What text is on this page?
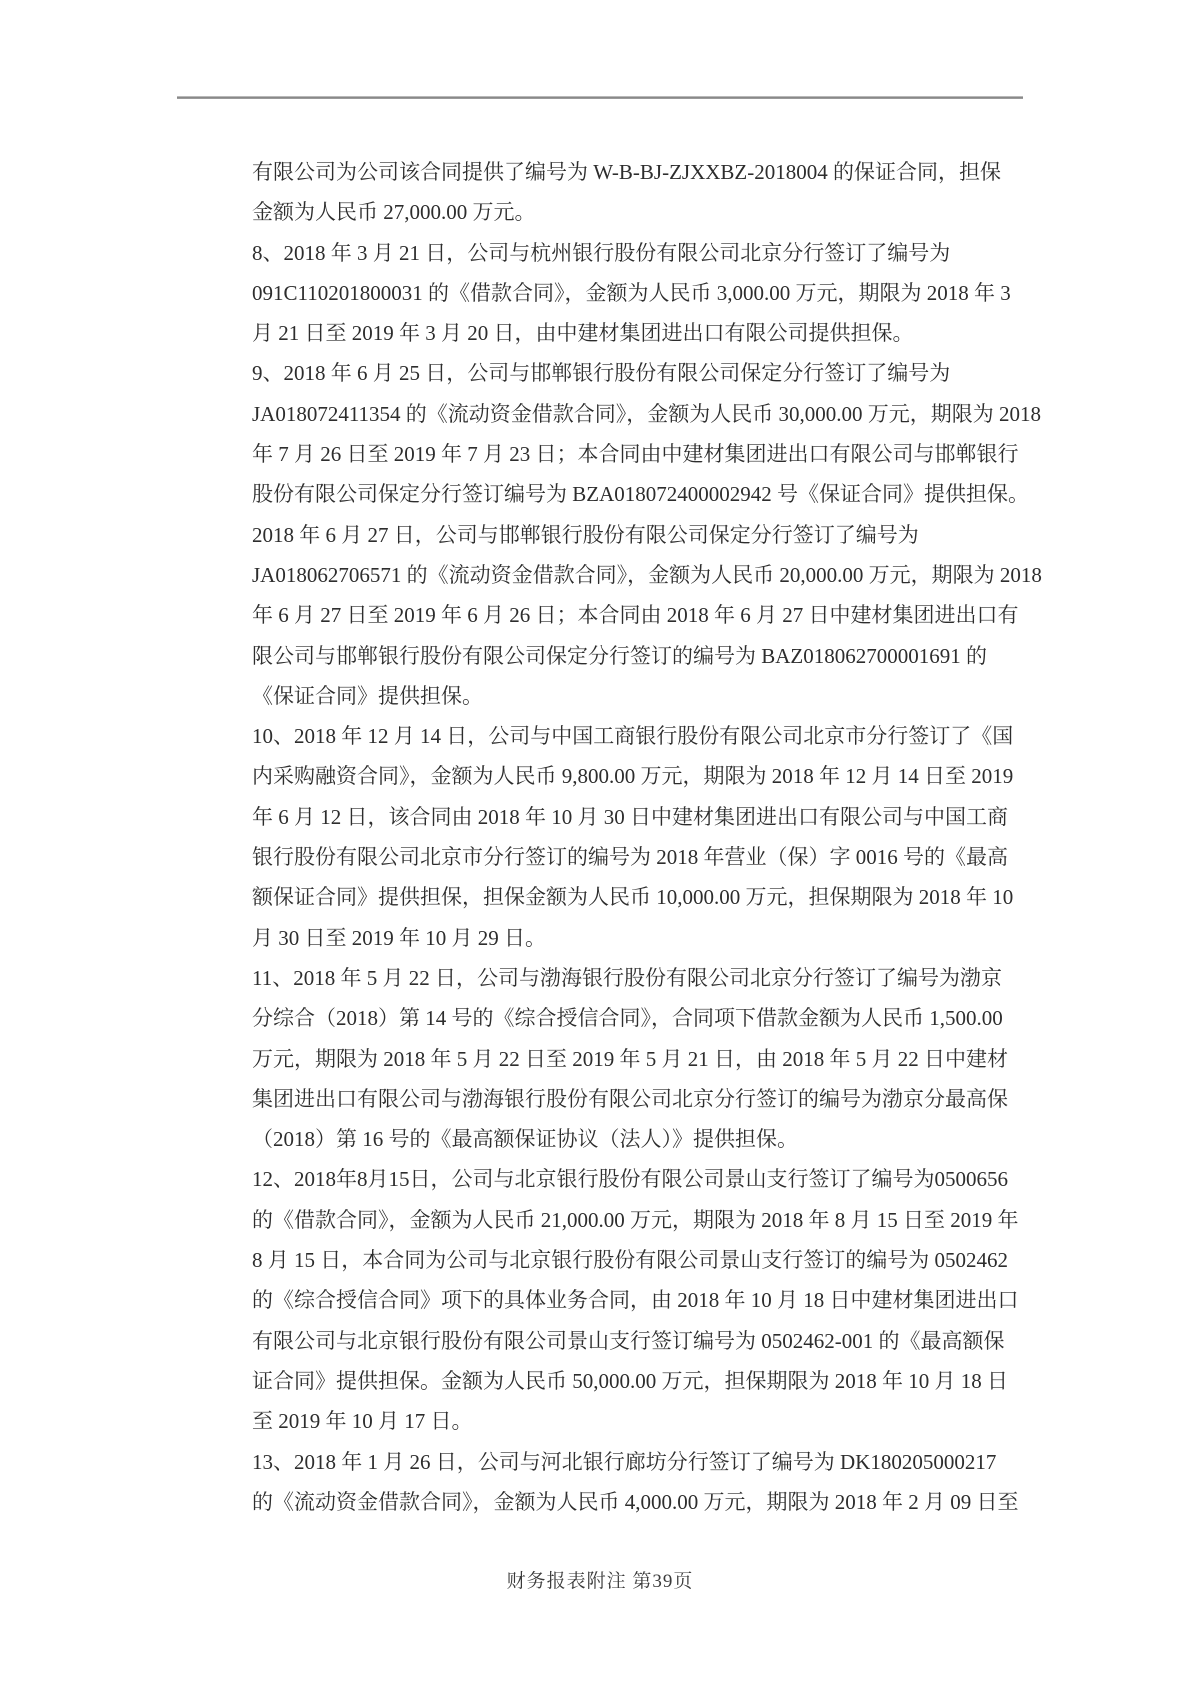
有限公司为公司该合同提供了编号为 W-B-BJ-ZJXXBZ-2018004 的保证合同，担保
金额为人民币 27,000.00 万元。
8、2018 年 3 月 21 日，公司与杭州银行股份有限公司北京分行签订了编号为
091C110201800031 的《借款合同》，金额为人民币 3,000.00 万元，期限为 2018 年 3
月 21 日至 2019 年 3 月 20 日，由中建材集团进出口有限公司提供担保。
9、2018 年 6 月 25 日，公司与邯郸银行股份有限公司保定分行签订了编号为
JA018072411354 的《流动资金借款合同》，金额为人民币 30,000.00 万元，期限为 2018
年 7 月 26 日至 2019 年 7 月 23 日；本合同由中建材集团进出口有限公司与邯郸银行
股份有限公司保定分行签订编号为 BZA018072400002942 号《保证合同》提供担保。
2018 年 6 月 27 日，公司与邯郸银行股份有限公司保定分行签订了编号为
JA018062706571 的《流动资金借款合同》，金额为人民币 20,000.00 万元，期限为 2018
年 6 月 27 日至 2019 年 6 月 26 日；本合同由 2018 年 6 月 27 日中建材集团进出口有
限公司与邯郸银行股份有限公司保定分行签订的编号为 BAZ018062700001691 的
《保证合同》提供担保。
10、2018 年 12 月 14 日，公司与中国工商银行股份有限公司北京市分行签订了《国
内采购融资合同》，金额为人民币 9,800.00 万元，期限为 2018 年 12 月 14 日至 2019
年 6 月 12 日，该合同由 2018 年 10 月 30 日中建材集团进出口有限公司与中国工商
银行股份有限公司北京市分行签订的编号为 2018 年营业（保）字 0016 号的《最高
额保证合同》提供担保，担保金额为人民币 10,000.00 万元，担保期限为 2018 年 10
月 30 日至 2019 年 10 月 29 日。
11、2018 年 5 月 22 日，公司与渤海银行股份有限公司北京分行签订了编号为渤京
分综合（2018）第 14 号的《综合授信合同》，合同项下借款金额为人民币 1,500.00
万元，期限为 2018 年 5 月 22 日至 2019 年 5 月 21 日，由 2018 年 5 月 22 日中建材
集团进出口有限公司与渤海银行股份有限公司北京分行签订的编号为渤京分最高保
（2018）第 16 号的《最高额保证协议（法人）》提供担保。
12、2018年8月15日，公司与北京银行股份有限公司景山支行签订了编号为0500656
的《借款合同》，金额为人民币 21,000.00 万元，期限为 2018 年 8 月 15 日至 2019 年
8 月 15 日，本合同为公司与北京银行股份有限公司景山支行签订的编号为 0502462
的《综合授信合同》项下的具体业务合同，由 2018 年 10 月 18 日中建材集团进出口
有限公司与北京银行股份有限公司景山支行签订编号为 0502462-001 的《最高额保
证合同》提供担保。金额为人民币 50,000.00 万元，担保期限为 2018 年 10 月 18 日
至 2019 年 10 月 17 日。
13、2018 年 1 月 26 日，公司与河北银行廊坊分行签订了编号为 DK180205000217
的《流动资金借款合同》，金额为人民币 4,000.00 万元，期限为 2018 年 2 月 09 日至
财务报表附注 第39页
